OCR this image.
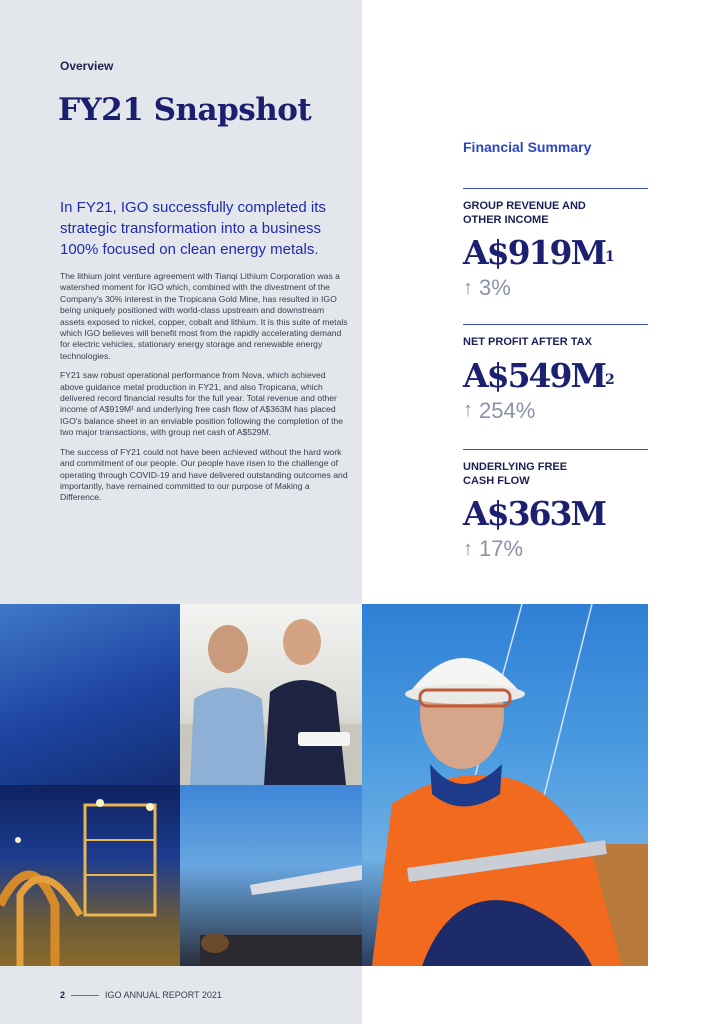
Overview
FY21 Snapshot

In FY21, IGO successfully completed its strategic transformation into a business 100% focused on clean energy metals.

The lithium joint venture agreement with Tianqi Lithium Corporation was a watershed moment for IGO which, combined with the divestment of the Company's 30% interest in the Tropicana Gold Mine, has resulted in IGO being uniquely positioned with world-class upstream and downstream assets exposed to nickel, copper, cobalt and lithium. It is this suite of metals which IGO believes will benefit most from the rapidly accelerating demand for electric vehicles, stationary energy storage and renewable energy technologies.

FY21 saw robust operational performance from Nova, which achieved above guidance metal production in FY21, and also Tropicana, which delivered record financial results for the full year. Total revenue and other income of A$919M¹ and underlying free cash flow of A$363M has placed IGO's balance sheet in an enviable position following the completion of the two major transactions, with group net cash of A$529M.

The success of FY21 could not have been achieved without the hard work and commitment of our people. Our people have risen to the challenge of operating through COVID-19 and have delivered outstanding outcomes and importantly, have remained committed to our purpose of Making a Difference.

Financial Summary
GROUP REVENUE AND OTHER INCOME
$A\$919M^1$
↑ 3%
NET PROFIT AFTER TAX
$A\$549M^2$
↑ 254%
UNDERLYING FREE CASH FLOW
A$363M
↑ 17%
2	IGO ANNUAL REPORT 2021
